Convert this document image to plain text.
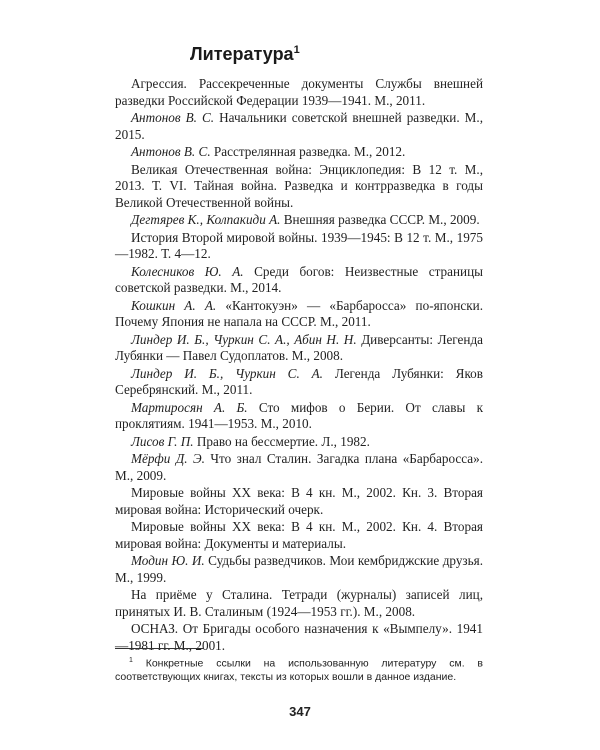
Литература$^1$

Агрессия. Рассекреченные документы Службы внешней разведки Российской Федерации 1939—1941. М., 2011.

Антонов В. С. Начальники советской внешней разведки. М., 2015.

Антонов В. С. Расстрелянная разведка. М., 2012.

Великая Отечественная война: Энциклопедия: В 12 т. М., 2013. Т. VI. Тайная война. Разведка и контрразведка в годы Великой Отечественной войны.

Дегтярев К., Колпакиди А. Внешняя разведка СССР. М., 2009.

История Второй мировой войны. 1939—1945: В 12 т. М., 1975—1982. Т. 4—12.

Колесников Ю. А. Среди богов: Неизвестные страницы советской разведки. М., 2014.

Кошкин А. А. «Кантокуэн» — «Барбаросса» по-японски. Почему Япония не напала на СССР. М., 2011.

Линдер И. Б., Чуркин С. А., Абин Н. Н. Диверсанты: Легенда Лубянки — Павел Судоплатов. М., 2008.

Линдер И. Б., Чуркин С. А. Легенда Лубянки: Яков Серебрянский. М., 2011.

Мартиросян А. Б. Сто мифов о Берии. От славы к проклятиям. 1941—1953. М., 2010.

Лисов Г. П. Право на бессмертие. Л., 1982.

Мёрфи Д. Э. Что знал Сталин. Загадка плана «Барбаросса». М., 2009.

Мировые войны XX века: В 4 кн. М., 2002. Кн. 3. Вторая мировая война: Исторический очерк.

Мировые войны XX века: В 4 кн. М., 2002. Кн. 4. Вторая мировая война: Документы и материалы.

Модин Ю. И. Судьбы разведчиков. Мои кембриджские друзья. М., 1999.

На приёме у Сталина. Тетради (журналы) записей лиц, принятых И. В. Сталиным (1924—1953 гг.). М., 2008.

ОСНАЗ. От Бригады особого назначения к «Вымпелу». 1941—1981 гг. М., 2001.

$^1$ Конкретные ссылки на использованную литературу см. в соответствующих книгах, тексты из которых вошли в данное издание.

347
